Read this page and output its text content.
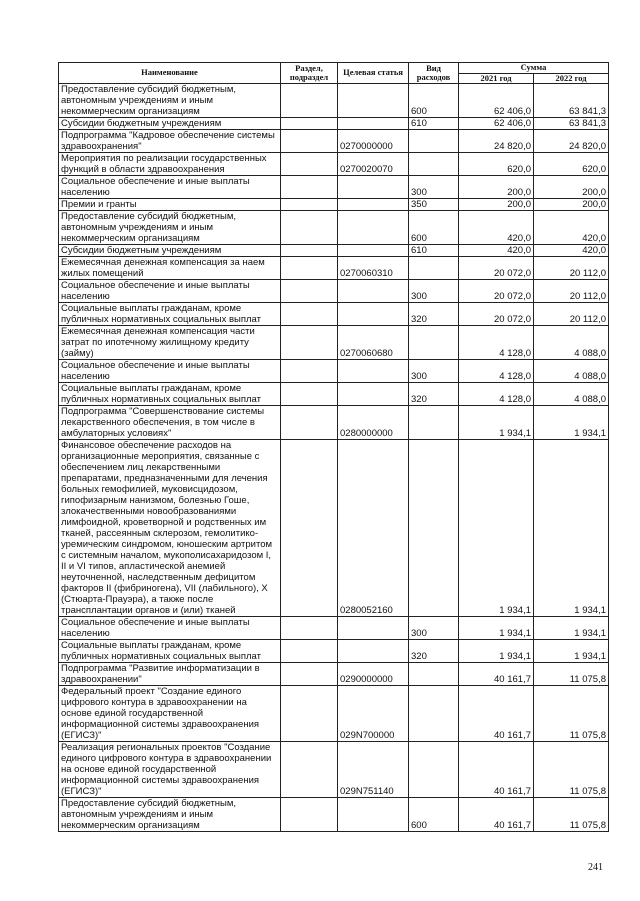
Наименование	Раздел, подраздел	Целевая статья	Вид расходов	Сумма	
				2021 год	2022 год
Предоставление субсидий бюджетным, автономным учреждениям и иным некоммерческим организациям			600	62 406,0	63 841,3
Субсидии бюджетным учреждениям			610	62 406,0	63 841,3
Подпрограмма "Кадровое обеспечение системы здравоохранения"		0270000000		24 820,0	24 820,0
Мероприятия по реализации государственных функций в области здравоохранения		0270020070		620,0	620,0
Социальное обеспечение и иные выплаты населению			300	200,0	200,0
Премии и гранты			350	200,0	200,0
Предоставление субсидий бюджетным, автономным учреждениям и иным некоммерческим организациям			600	420,0	420,0
Субсидии бюджетным учреждениям			610	420,0	420,0
Ежемесячная денежная компенсация за наем жилых помещений		0270060310		20 072,0	20 112,0
Социальное обеспечение и иные выплаты населению			300	20 072,0	20 112,0
Социальные выплаты гражданам, кроме публичных нормативных социальных выплат			320	20 072,0	20 112,0
Ежемесячная денежная компенсация части затрат по ипотечному жилищному кредиту (займу)		0270060680		4 128,0	4 088,0
Социальное обеспечение и иные выплаты населению			300	4 128,0	4 088,0
Социальные выплаты гражданам, кроме публичных нормативных социальных выплат			320	4 128,0	4 088,0
Подпрограмма "Совершенствование системы лекарственного обеспечения, в том числе в амбулаторных условиях"		0280000000		1 934,1	1 934,1
Финансовое обеспечение расходов на организационные мероприятия, связанные с обеспечением лиц лекарственными препаратами, предназначенными для лечения больных гемофилией, муковисцидозом, гипофизарным нанизмом, болезнью Гоше, злокачественными новообразованиями лимфоидной, кроветворной и родственных им тканей, рассеянным склерозом, гемолитико-уремическим синдромом, юношеским артритом с системным началом, мукополисахаридозом I, II и VI типов, апластической анемией неуточненной, наследственным дефицитом факторов II (фибриногена), VII (лабильного), X (Стюарта-Прауэра), а также после трансплантации органов и (или) тканей		0280052160		1 934,1	1 934,1
Социальное обеспечение и иные выплаты населению			300	1 934,1	1 934,1
Социальные выплаты гражданам, кроме публичных нормативных социальных выплат			320	1 934,1	1 934,1
Подпрограмма "Развитие информатизации в здравоохранении"		0290000000		40 161,7	11 075,8
Федеральный проект "Создание единого цифрового контура в здравоохранении на основе единой государственной информационной системы здравоохранения (ЕГИСЗ)"		029N700000		40 161,7	11 075,8
Реализация региональных проектов "Создание единого цифрового контура в здравоохранении на основе единой государственной информационной системы здравоохранения (ЕГИСЗ)"		029N751140		40 161,7	11 075,8
Предоставление субсидий бюджетным, автономным учреждениям и иным некоммерческим организациям			600	40 161,7	11 075,8
241
